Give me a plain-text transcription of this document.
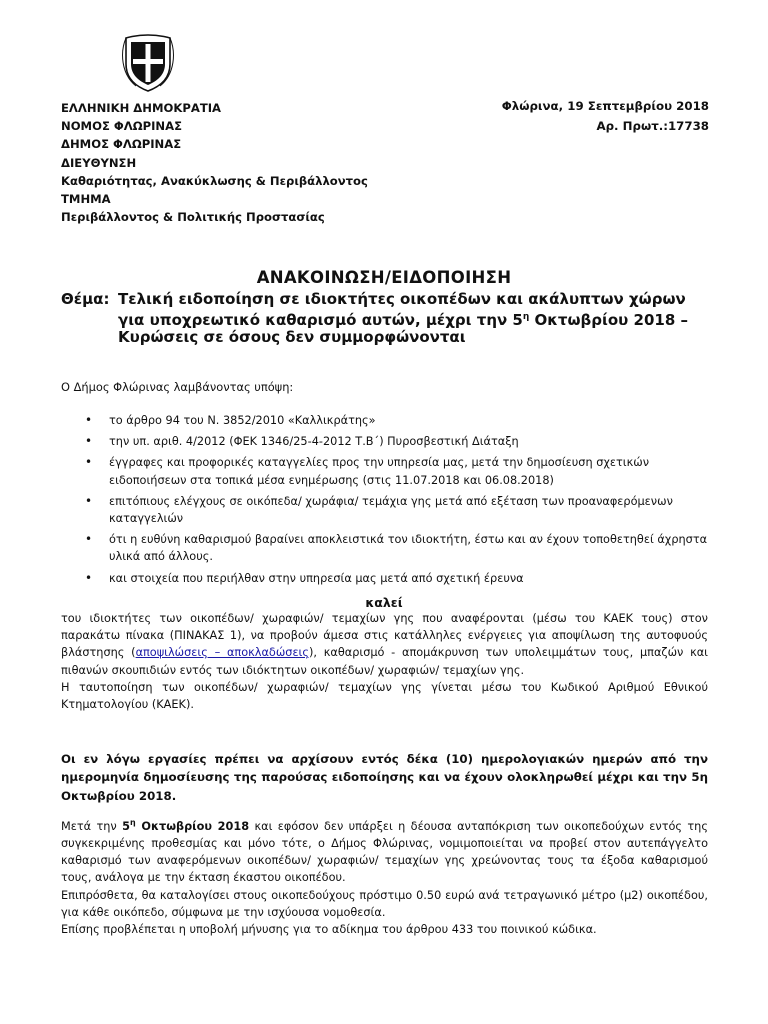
ΕΛΛΗΝΙΚΗ ΔΗΜΟΚΡΑΤΙΑ
ΝΟΜΟΣ ΦΛΩΡΙΝΑΣ
ΔΗΜΟΣ ΦΛΩΡΙΝΑΣ
ΔΙΕΥΘΥΝΣΗ
Καθαριότητας, Ανακύκλωσης & Περιβάλλοντος
ΤΜΗΜΑ
Περιβάλλοντος & Πολιτικής Προστασίας
Φλώρινα, 19 Σεπτεμβρίου 2018
Αρ. Πρωτ.:17738
ΑΝΑΚΟΙΝΩΣΗ/ΕΙΔΟΠΟΙΗΣΗ
Θέμα: Τελική ειδοποίηση σε ιδιοκτήτες οικοπέδων και ακάλυπτων χώρων
για υποχρεωτικό καθαρισμό αυτών, μέχρι την $5^\eta$ Οκτωβρίου 2018 –
Κυρώσεις σε όσους δεν συμμορφώνονται
Ο Δήμος Φλώρινας λαμβάνοντας υπόψη:
• το άρθρο 94 του Ν. 3852/2010 «Καλλικράτης»
• την υπ. αριθ. 4/2012 (ΦΕΚ 1346/25-4-2012 Τ.Β΄) Πυροσβεστική Διάταξη
• έγγραφες και προφορικές καταγγελίες προς την υπηρεσία μας, μετά την δημοσίευση σχετικών ειδοποιήσεων στα τοπικά μέσα ενημέρωσης (στις 11.07.2018 και 06.08.2018)
• επιτόπιους ελέγχους σε οικόπεδα/ χωράφια/ τεμάχια γης μετά από εξέταση των προαναφερόμενων καταγγελιών
• ότι η ευθύνη καθαρισμού βαραίνει αποκλειστικά τον ιδιοκτήτη, έστω και αν έχουν τοποθετηθεί άχρηστα υλικά από άλλους.
• και στοιχεία που περιήλθαν στην υπηρεσία μας μετά από σχετική έρευνα
καλεί

του ιδιοκτήτες των οικοπέδων/ χωραφιών/ τεμαχίων γης που αναφέρονται (μέσω του ΚΑΕΚ τους) στον παρακάτω πίνακα (ΠΙΝΑΚΑΣ 1), να προβούν άμεσα στις κατάλληλες ενέργειες για αποψίλωση της αυτοφυούς βλάστησης (αποψιλώσεις – αποκλαδώσεις), καθαρισμό - απομάκρυνση των υπολειμμάτων τους, μπαζών και πιθανών σκουπιδιών εντός των ιδιόκτητων οικοπέδων/ χωραφιών/ τεμαχίων γης.

Η ταυτοποίηση των οικοπέδων/ χωραφιών/ τεμαχίων γης γίνεται μέσω του Κωδικού Αριθμού Εθνικού Κτηματολογίου (ΚΑΕΚ).

Οι εν λόγω εργασίες πρέπει να αρχίσουν εντός δέκα (10) ημερολογιακών ημερών από την ημερομηνία δημοσίευσης της παρούσας ειδοποίησης και να έχουν ολοκληρωθεί μέχρι και την 5η Οκτωβρίου 2018.

Μετά την $5^\eta$ Οκτωβρίου 2018 και εφόσον δεν υπάρξει η δέουσα ανταπόκριση των οικοπεδούχων εντός της συγκεκριμένης προθεσμίας και μόνο τότε, ο Δήμος Φλώρινας, νομιμοποιείται να προβεί στον αυτεπάγγελτο καθαρισμό των αναφερόμενων οικοπέδων/ χωραφιών/ τεμαχίων γης χρεώνοντας τους τα έξοδα καθαρισμού τους, ανάλογα με την έκταση έκαστου οικοπέδου.

Επιπρόσθετα, θα καταλογίσει στους οικοπεδούχους πρόστιμο 0.50 ευρώ ανά τετραγωνικό μέτρο (μ2) οικοπέδου, για κάθε οικόπεδο, σύμφωνα με την ισχύουσα νομοθεσία.

Επίσης προβλέπεται η υποβολή μήνυσης για το αδίκημα του άρθρου 433 του ποινικού κώδικα.
